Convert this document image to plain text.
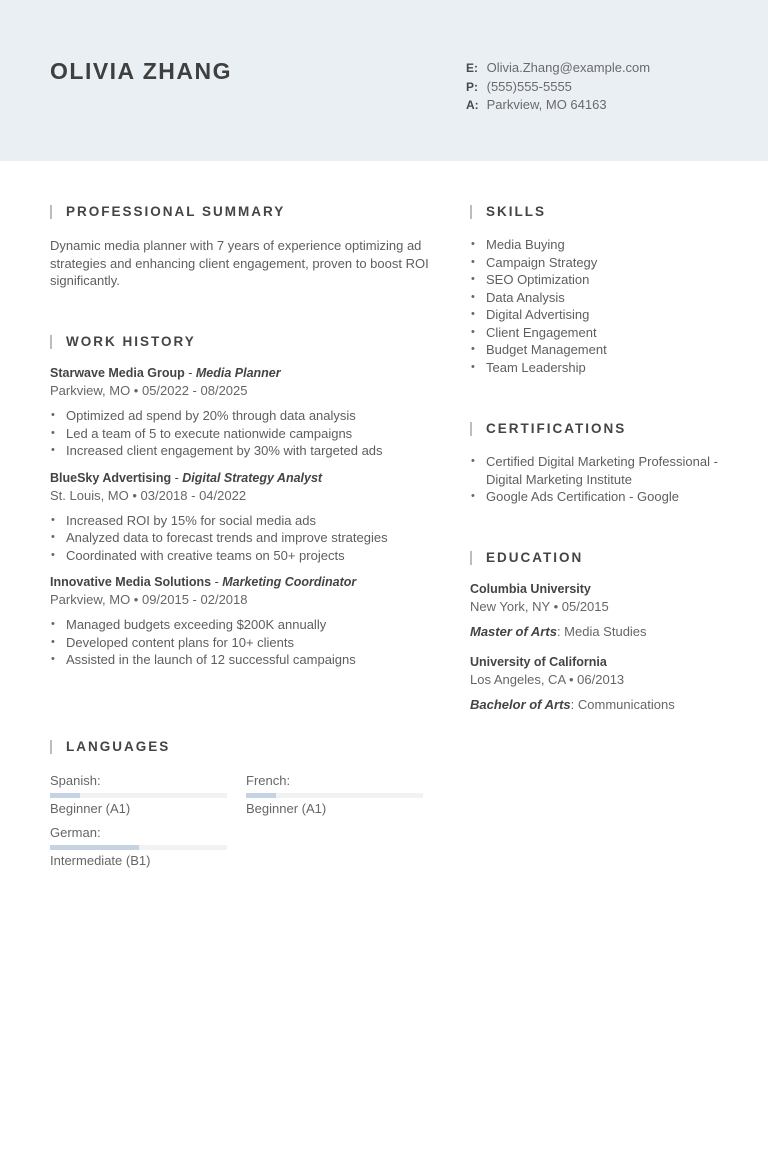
OLIVIA ZHANG	E: Olivia.Zhang@example.com
P: (555)555-5555
A: Parkview, MO 64163
PROFESSIONAL SUMMARY

Dynamic media planner with 7 years of experience optimizing ad strategies and enhancing client engagement, proven to boost ROI significantly.

WORK HISTORY
Starwave Media Group - Media Planner
Parkview, MO • 05/2022 - 08/2025
• Optimized ad spend by 20% through data analysis
• Led a team of 5 to execute nationwide campaigns
• Increased client engagement by 30% with targeted ads
BlueSky Advertising - Digital Strategy Analyst
St. Louis, MO • 03/2018 - 04/2022
• Increased ROI by 15% for social media ads
• Analyzed data to forecast trends and improve strategies
• Coordinated with creative teams on 50+ projects
Innovative Media Solutions - Marketing Coordinator
Parkview, MO • 09/2015 - 02/2018
• Managed budgets exceeding $200K annually
• Developed content plans for 10+ clients
• Assisted in the launch of 12 successful campaigns
LANGUAGES
Spanish:
Beginner (A1)
French:
Beginner (A1)
German:
Intermediate (B1)
SKILLS
• Media Buying
• Campaign Strategy
• SEO Optimization
• Data Analysis
• Digital Advertising
• Client Engagement
• Budget Management
• Team Leadership
CERTIFICATIONS
• Certified Digital Marketing Professional - Digital Marketing Institute
• Google Ads Certification - Google
EDUCATION
Columbia University
New York, NY • 05/2015
Master of Arts: Media Studies
University of California
Los Angeles, CA • 06/2013
Bachelor of Arts: Communications
